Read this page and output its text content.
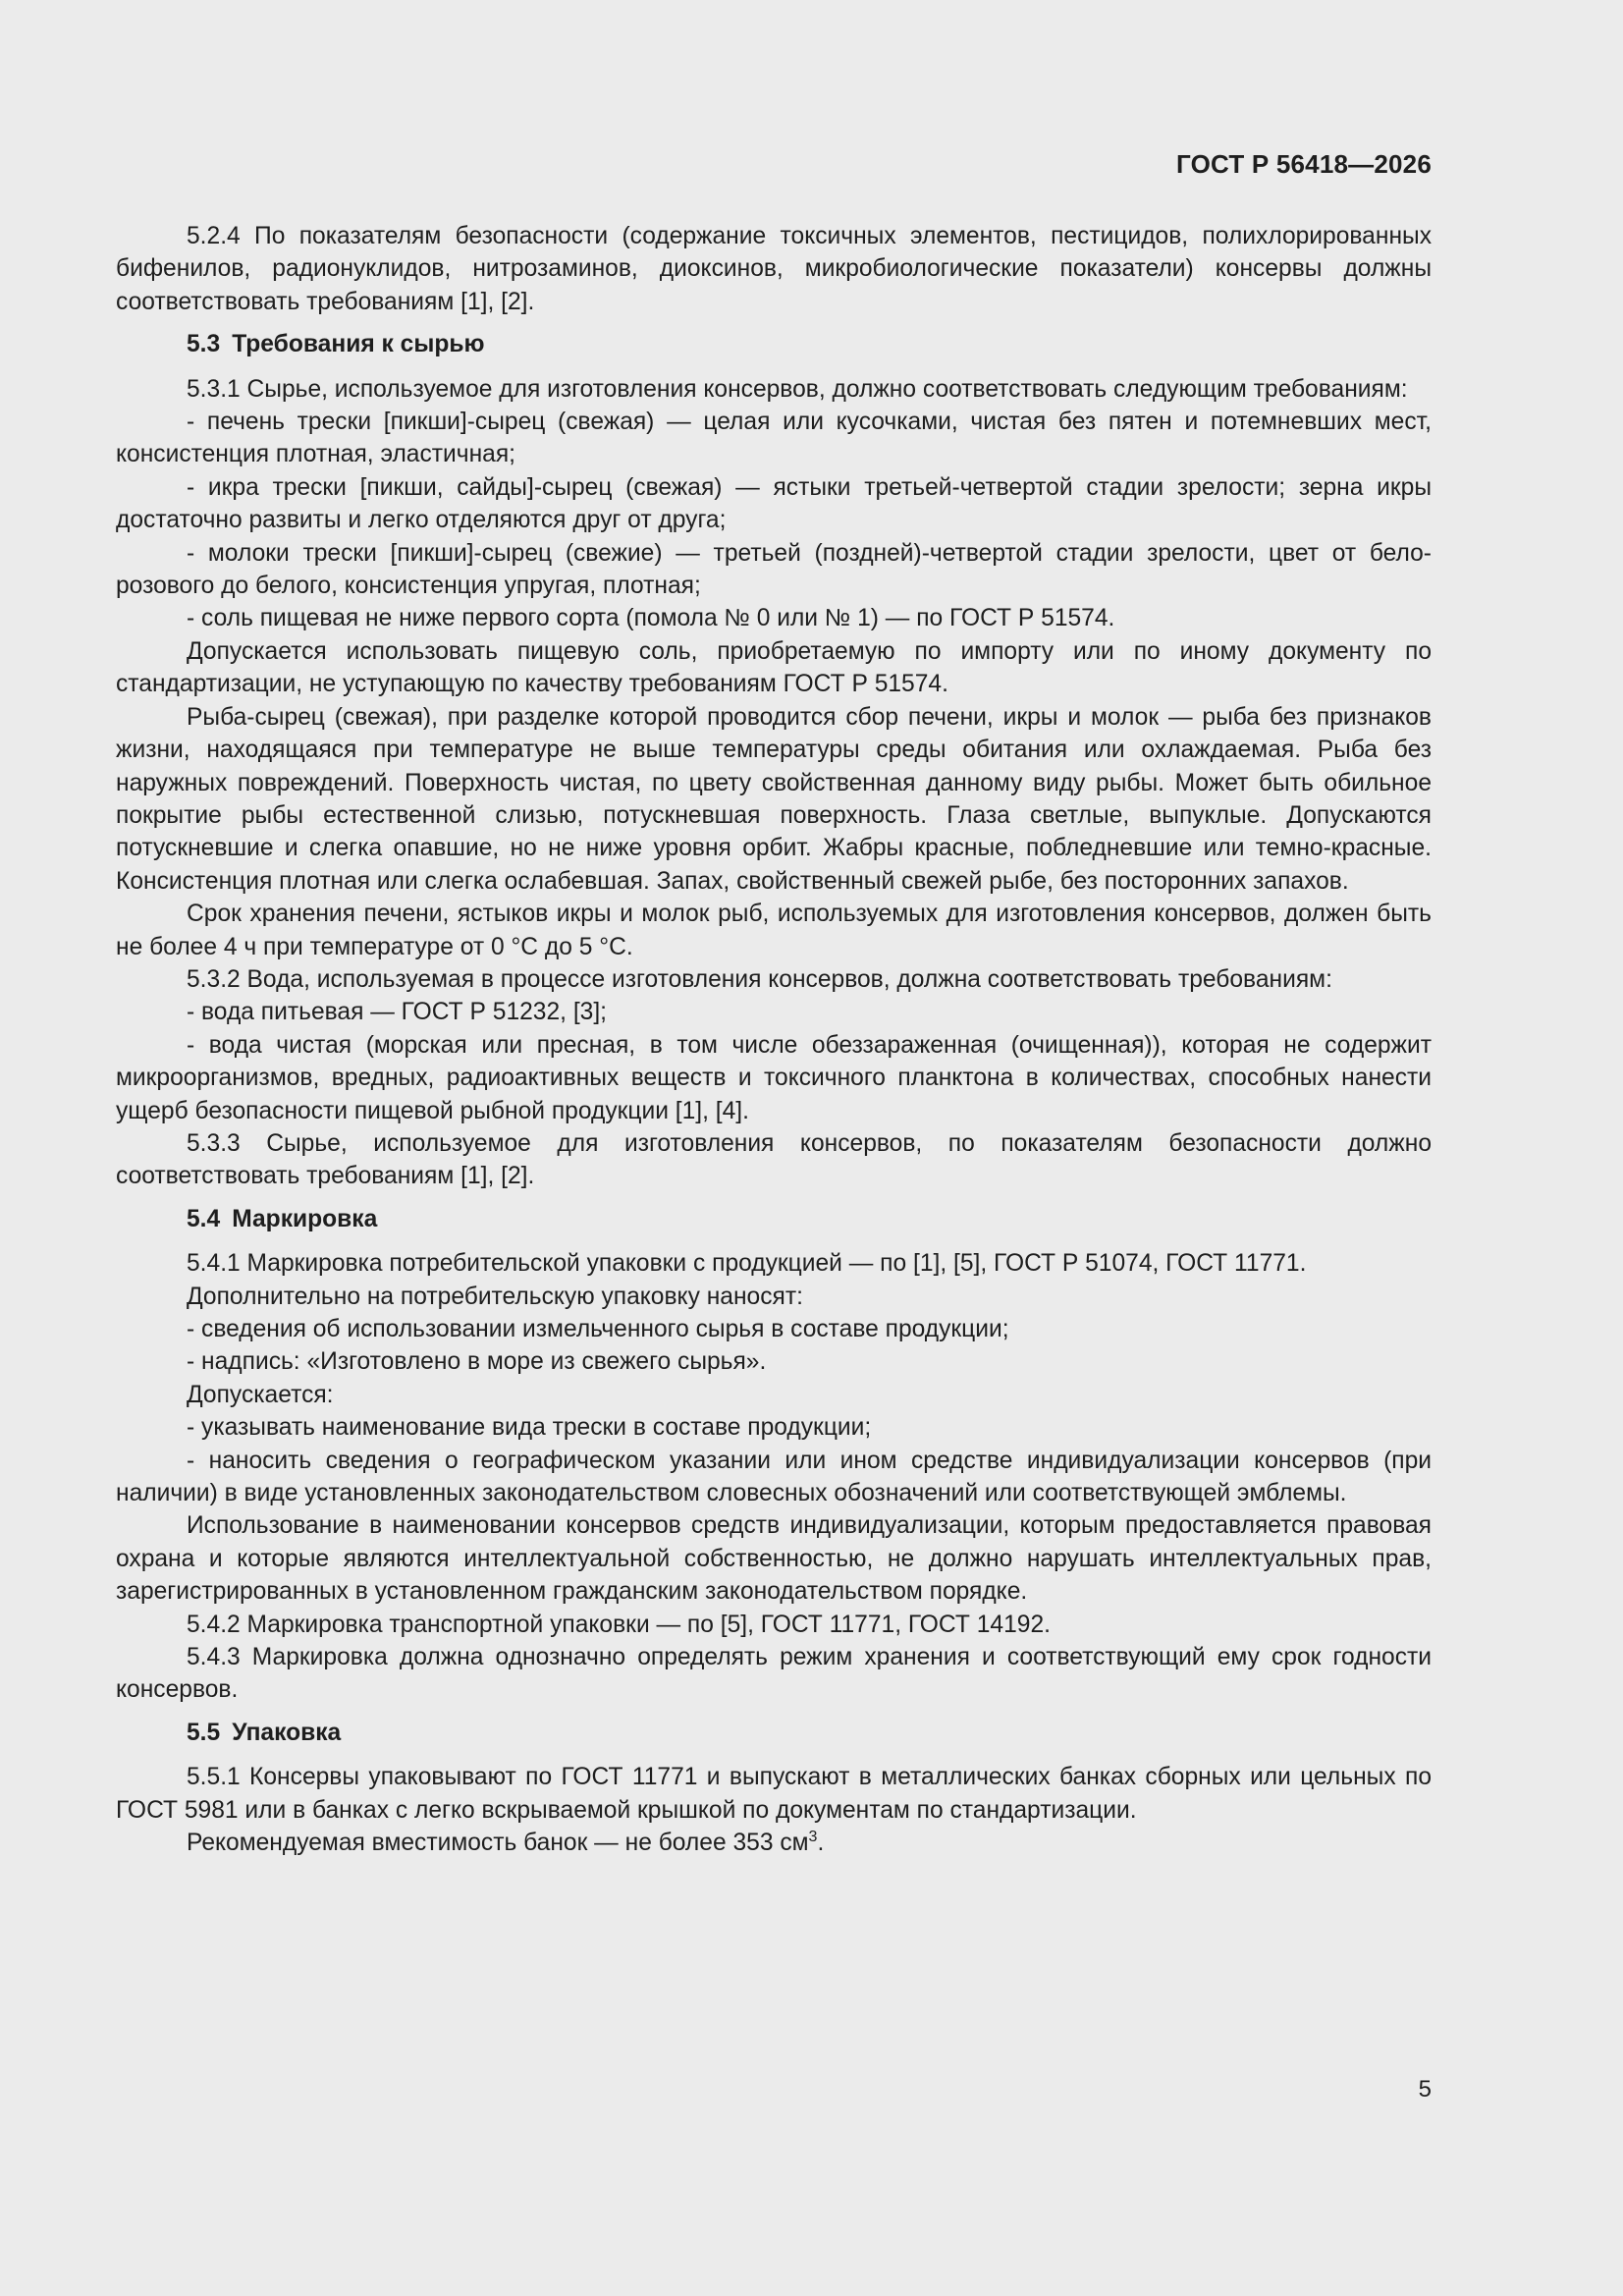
ГОСТ Р 56418—2026

5.2.4 По показателям безопасности (содержание токсичных элементов, пестицидов, полихлорированных бифенилов, радионуклидов, нитрозаминов, диоксинов, микробиологические показатели) консервы должны соответствовать требованиям [1], [2].

5.3 Требования к сырью

5.3.1 Сырье, используемое для изготовления консервов, должно соответствовать следующим требованиям:

- печень трески [пикши]-сырец (свежая) — целая или кусочками, чистая без пятен и потемневших мест, консистенция плотная, эластичная;

- икра трески [пикши, сайды]-сырец (свежая) — ястыки третьей-четвертой стадии зрелости; зерна икры достаточно развиты и легко отделяются друг от друга;

- молоки трески [пикши]-сырец (свежие) — третьей (поздней)-четвертой стадии зрелости, цвет от бело-розового до белого, консистенция упругая, плотная;

- соль пищевая не ниже первого сорта (помола № 0 или № 1) — по ГОСТ Р 51574.

Допускается использовать пищевую соль, приобретаемую по импорту или по иному документу по стандартизации, не уступающую по качеству требованиям ГОСТ Р 51574.

Рыба-сырец (свежая), при разделке которой проводится сбор печени, икры и молок — рыба без признаков жизни, находящаяся при температуре не выше температуры среды обитания или охлаждаемая. Рыба без наружных повреждений. Поверхность чистая, по цвету свойственная данному виду рыбы. Может быть обильное покрытие рыбы естественной слизью, потускневшая поверхность. Глаза светлые, выпуклые. Допускаются потускневшие и слегка опавшие, но не ниже уровня орбит. Жабры красные, побледневшие или темно-красные. Консистенция плотная или слегка ослабевшая. Запах, свойственный свежей рыбе, без посторонних запахов.

Срок хранения печени, ястыков икры и молок рыб, используемых для изготовления консервов, должен быть не более 4 ч при температуре от 0 °С до 5 °С.

5.3.2 Вода, используемая в процессе изготовления консервов, должна соответствовать требованиям:

- вода питьевая — ГОСТ Р 51232, [3];

- вода чистая (морская или пресная, в том числе обеззараженная (очищенная)), которая не содержит микроорганизмов, вредных, радиоактивных веществ и токсичного планктона в количествах, способных нанести ущерб безопасности пищевой рыбной продукции [1], [4].

5.3.3 Сырье, используемое для изготовления консервов, по показателям безопасности должно соответствовать требованиям [1], [2].

5.4 Маркировка

5.4.1 Маркировка потребительской упаковки с продукцией — по [1], [5], ГОСТ Р 51074, ГОСТ 11771.

Дополнительно на потребительскую упаковку наносят:

- сведения об использовании измельченного сырья в составе продукции;

- надпись: «Изготовлено в море из свежего сырья».

Допускается:

- указывать наименование вида трески в составе продукции;

- наносить сведения о географическом указании или ином средстве индивидуализации консервов (при наличии) в виде установленных законодательством словесных обозначений или соответствующей эмблемы.

Использование в наименовании консервов средств индивидуализации, которым предоставляется правовая охрана и которые являются интеллектуальной собственностью, не должно нарушать интеллектуальных прав, зарегистрированных в установленном гражданским законодательством порядке.

5.4.2 Маркировка транспортной упаковки — по [5], ГОСТ 11771, ГОСТ 14192.

5.4.3 Маркировка должна однозначно определять режим хранения и соответствующий ему срок годности консервов.

5.5 Упаковка

5.5.1 Консервы упаковывают по ГОСТ 11771 и выпускают в металлических банках сборных или цельных по ГОСТ 5981 или в банках с легко вскрываемой крышкой по документам по стандартизации.

Рекомендуемая вместимость банок — не более 353 $см^3$.

5
